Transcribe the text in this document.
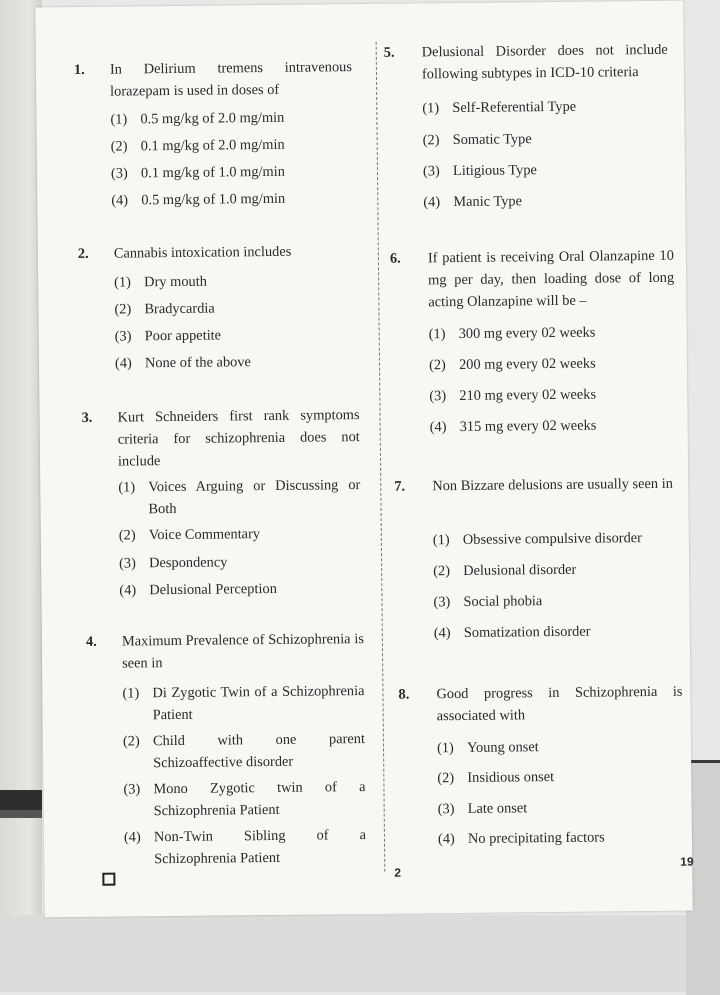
1. In Delirium tremens intravenous lorazepam is used in doses of
(1) 0.5 mg/kg of 2.0 mg/min
(2) 0.1 mg/kg of 2.0 mg/min
(3) 0.1 mg/kg of 1.0 mg/min
(4) 0.5 mg/kg of 1.0 mg/min
2. Cannabis intoxication includes
(1) Dry mouth
(2) Bradycardia
(3) Poor appetite
(4) None of the above
3. Kurt Schneiders first rank symptoms criteria for schizophrenia does not include
(1) Voices Arguing or Discussing or Both
(2) Voice Commentary
(3) Despondency
(4) Delusional Perception
4. Maximum Prevalence of Schizophrenia is seen in
(1) Di Zygotic Twin of a Schizophrenia Patient
(2) Child with one parent Schizoaffective disorder
(3) Mono Zygotic twin of a Schizophrenia Patient
(4) Non-Twin Sibling of a Schizophrenia Patient
5. Delusional Disorder does not include following subtypes in ICD-10 criteria
(1) Self-Referential Type
(2) Somatic Type
(3) Litigious Type
(4) Manic Type
6. If patient is receiving Oral Olanzapine 10 mg per day, then loading dose of long acting Olanzapine will be –
(1) 300 mg every 02 weeks
(2) 200 mg every 02 weeks
(3) 210 mg every 02 weeks
(4) 315 mg every 02 weeks
7. Non Bizzare delusions are usually seen in
(1) Obsessive compulsive disorder
(2) Delusional disorder
(3) Social phobia
(4) Somatization disorder
8. Good progress in Schizophrenia is associated with
(1) Young onset
(2) Insidious onset
(3) Late onset
(4) No precipitating factors
2
19
